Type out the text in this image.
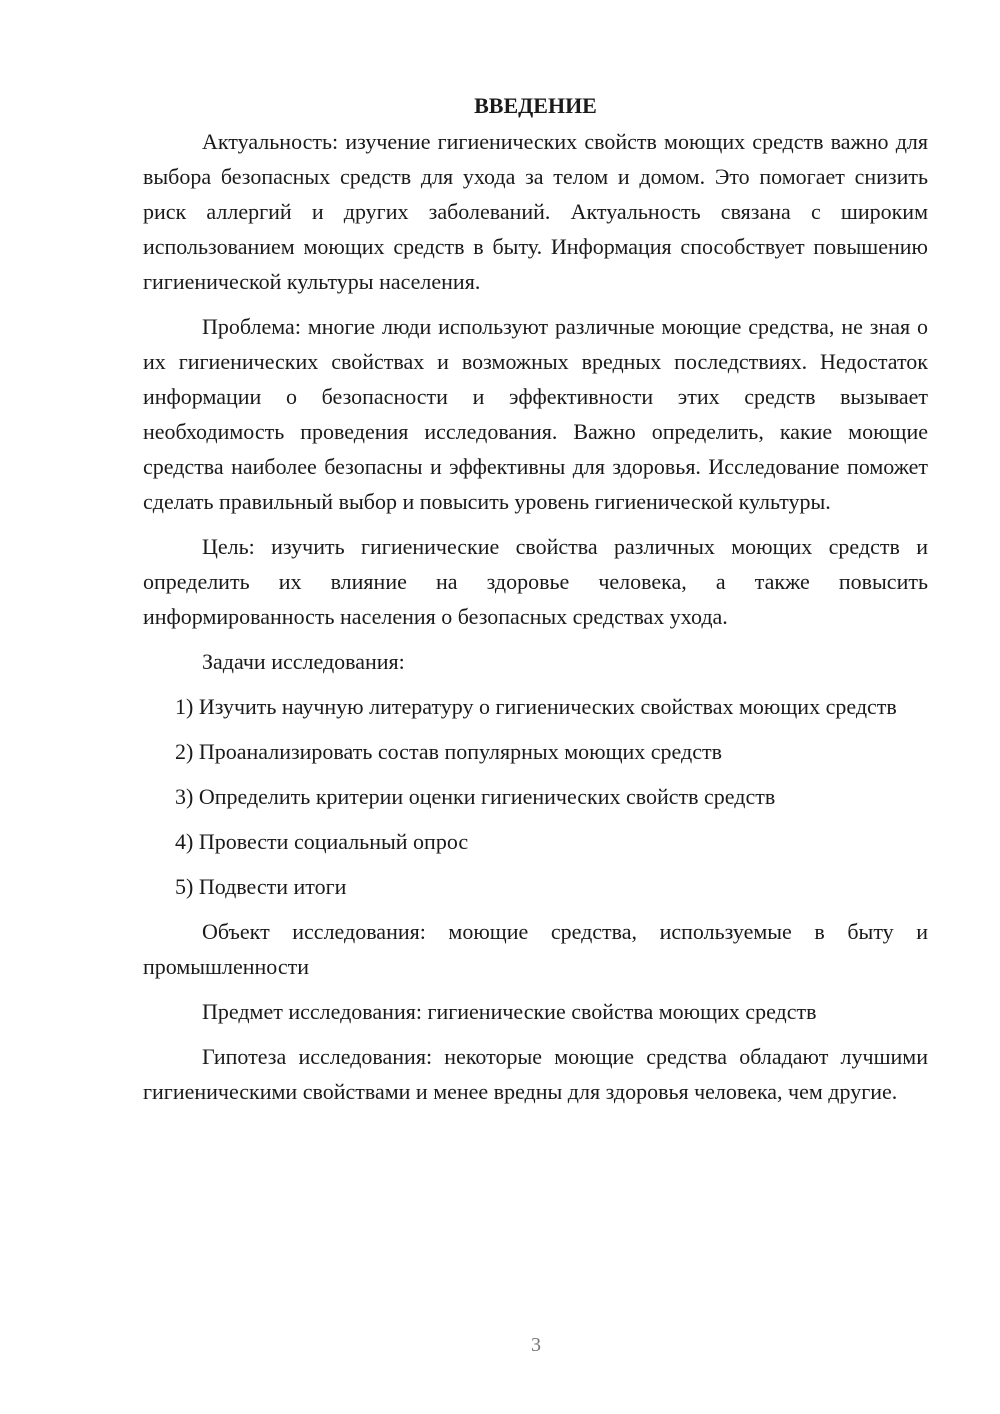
ВВЕДЕНИЕ

Актуальность: изучение гигиенических свойств моющих средств важно для выбора безопасных средств для ухода за телом и домом. Это помогает снизить риск аллергий и других заболеваний. Актуальность связана с широким использованием моющих средств в быту. Информация способствует повышению гигиенической культуры населения.

Проблема: многие люди используют различные моющие средства, не зная о их гигиенических свойствах и возможных вредных последствиях. Недостаток информации о безопасности и эффективности этих средств вызывает необходимость проведения исследования. Важно определить, какие моющие средства наиболее безопасны и эффективны для здоровья. Исследование поможет сделать правильный выбор и повысить уровень гигиенической культуры.

Цель: изучить гигиенические свойства различных моющих средств и определить их влияние на здоровье человека, а также повысить информированность населения о безопасных средствах ухода.

Задачи исследования:

1) Изучить научную литературу о гигиенических свойствах моющих средств

2) Проанализировать состав популярных моющих средств

3) Определить критерии оценки гигиенических свойств средств

4) Провести социальный опрос

5) Подвести итоги

Объект исследования: моющие средства, используемые в быту и промышленности

Предмет исследования: гигиенические свойства моющих средств

Гипотеза исследования: некоторые моющие средства обладают лучшими гигиеническими свойствами и менее вредны для здоровья человека, чем другие.

3
